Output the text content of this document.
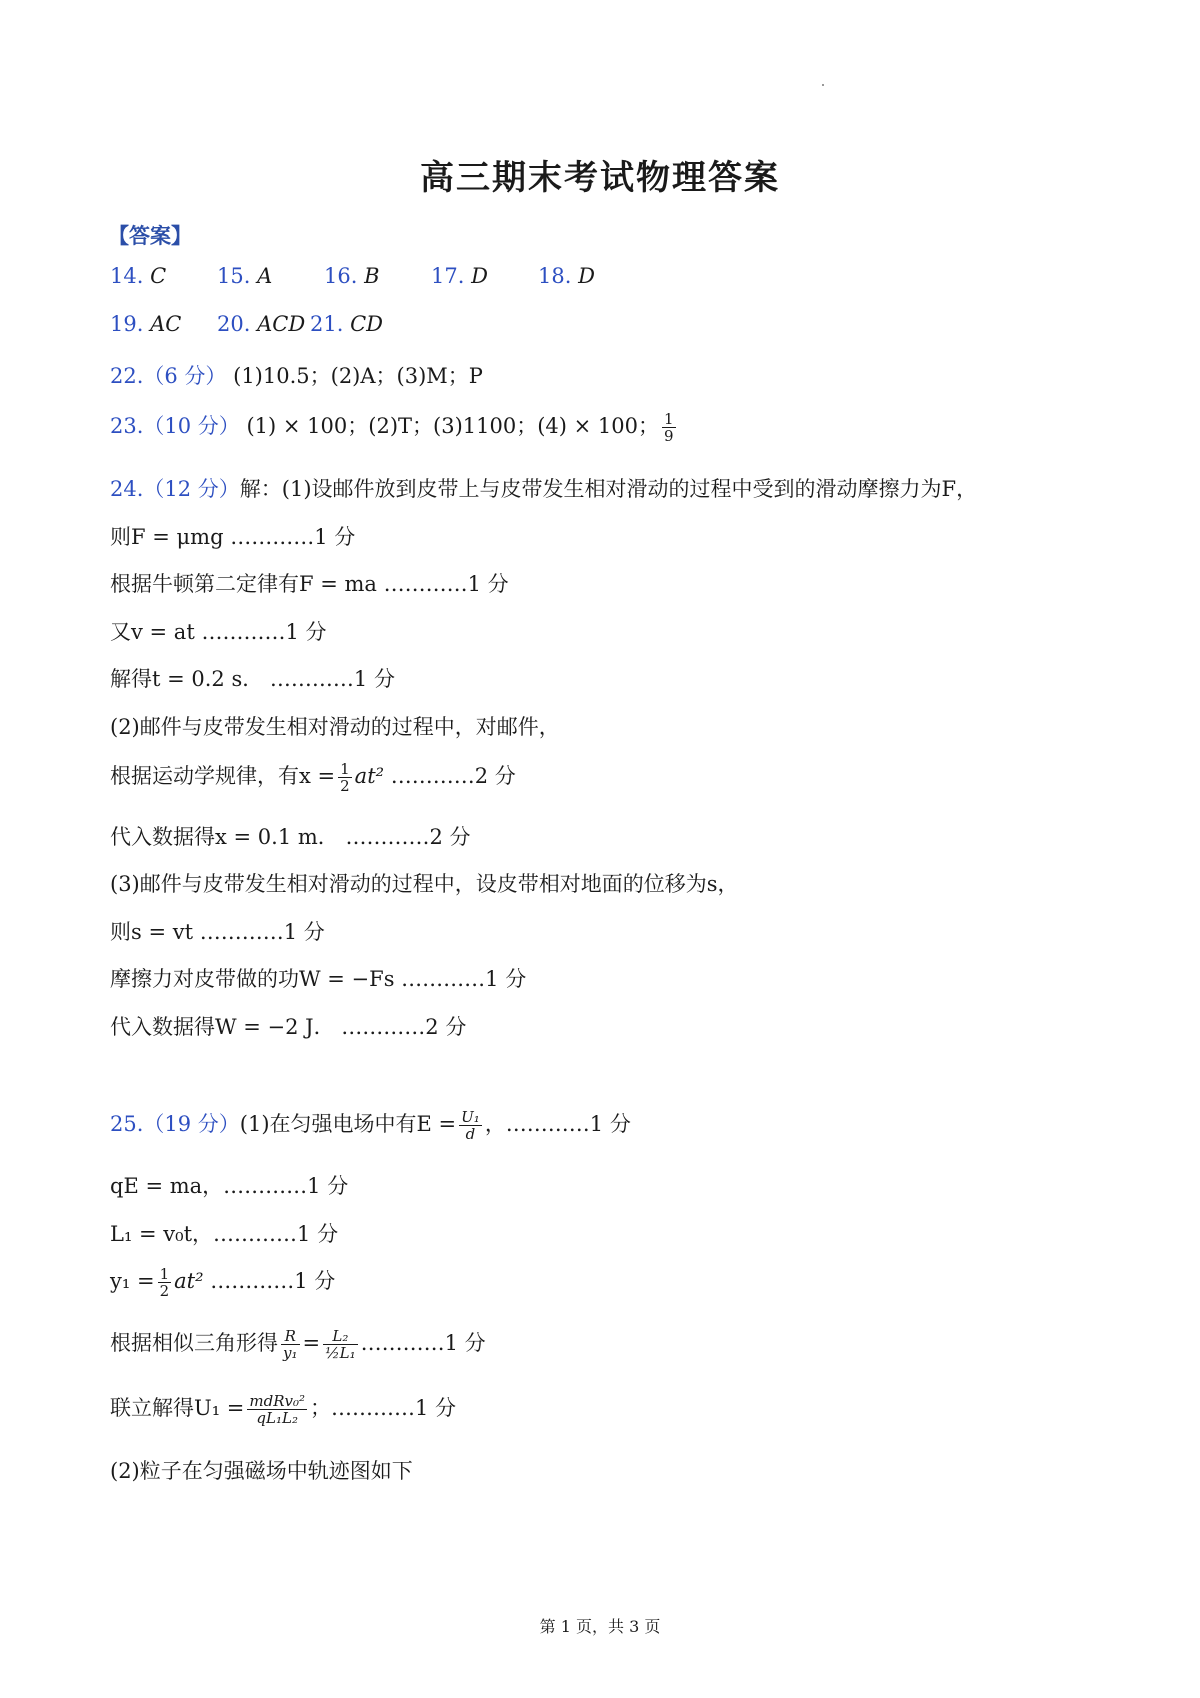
高三期末考试物理答案
【答案】
14. C 15. A 16. B 17. D 18. D
19. AC 20. ACD 21. CD
22.（6 分） (1)10.5；(2)A；(3)M；P
23.（10 分） (1) × 100；(2)T；(3)1100；(4) × 100； $\frac{1}{9}$
24.（12 分）解：(1)设邮件放到皮带上与皮带发生相对滑动的过程中受到的滑动摩擦力为F，
则F = μmg …………1 分
根据牛顿第二定律有F = ma …………1 分
又v = at …………1 分
解得t = 0.2 s． …………1 分
(2)邮件与皮带发生相对滑动的过程中，对邮件，
根据运动学规律，有$x = \frac{1}{2} at^2$ …………2 分
代入数据得x = 0.1 m． …………2 分
(3)邮件与皮带发生相对滑动的过程中，设皮带相对地面的位移为s，
则s = vt …………1 分
摩擦力对皮带做的功W = −Fs …………1 分
代入数据得W = −2 J． …………2 分
25.（19 分）(1)在匀强电场中有$E = \frac{\text{U₁}}{d}$ ，…………1 分
qE = ma，…………1 分
L₁ = v₀t，…………1 分
$y_1 = \frac{1}{2} at^2$ …………1 分
根据相似三角形得 $\frac{R}{\text{y₁}} = \frac{\text{L₂}}{\text{½L₁}}$ …………1 分
联立解得$U_1 = \frac{\text{mdRv₀²}}{\text{qL₁L₂}}$ ；…………1 分
(2)粒子在匀强磁场中轨迹图如下
第 1 页，共 3 页
